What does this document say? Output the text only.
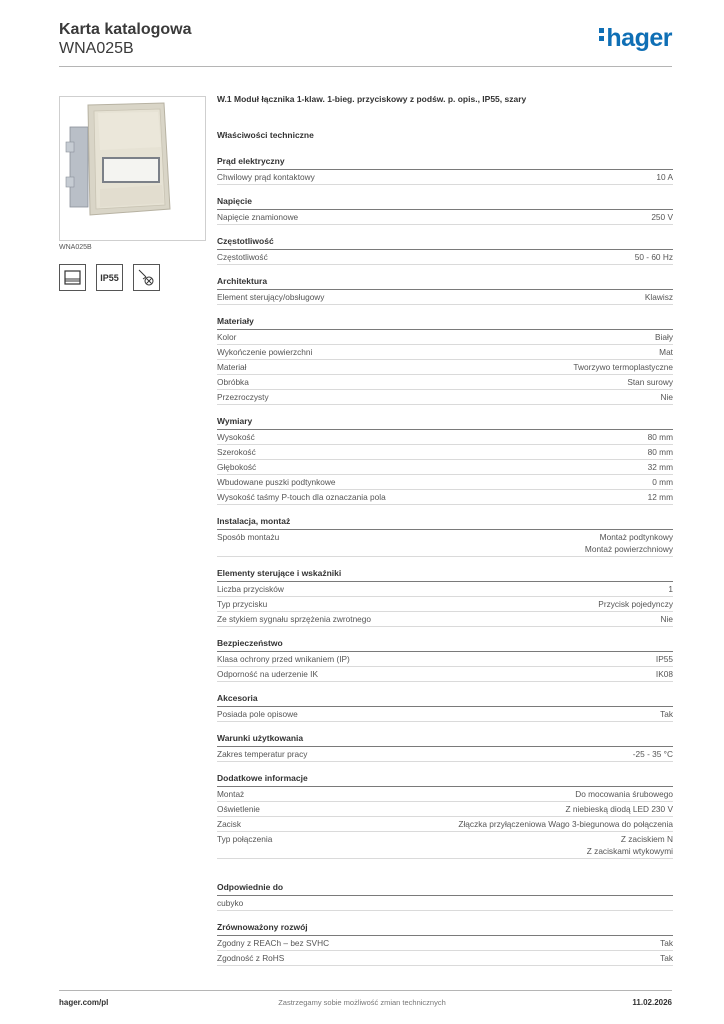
Karta katalogowa
WNA025B	hager
WNA025B
IP55
W.1 Moduł łącznika 1-klaw. 1-bieg. przyciskowy z podśw. p. opis., IP55, szary
Właściwości techniczne
Prąd elektryczny
Chwilowy prąd kontaktowy	10 A
Napięcie
Napięcie znamionowe	250 V
Częstotliwość
Częstotliwość	50 - 60 Hz
Architektura
Element sterujący/obsługowy	Klawisz
Materiały
Kolor	Biały
Wykończenie powierzchni	Mat
Materiał	Tworzywo termoplastyczne
Obróbka	Stan surowy
Przezroczysty	Nie
Wymiary
Wysokość	80 mm
Szerokość	80 mm
Głębokość	32 mm
Wbudowane puszki podtynkowe	0 mm
Wysokość taśmy P-touch dla oznaczania pola	12 mm
Instalacja, montaż
Sposób montażu	Montaż podtynkowy
Montaż powierzchniowy
Elementy sterujące i wskaźniki
Liczba przycisków	1
Typ przycisku	Przycisk pojedynczy
Ze stykiem sygnału sprzężenia zwrotnego	Nie
Bezpieczeństwo
Klasa ochrony przed wnikaniem (IP)	IP55
Odporność na uderzenie IK	IK08
Akcesoria
Posiada pole opisowe	Tak
Warunki użytkowania
Zakres temperatur pracy	-25 - 35 °C
Dodatkowe informacje
Montaż	Do mocowania śrubowego
Oświetlenie	Z niebieską diodą LED 230 V
Zacisk	Złączka przyłączeniowa Wago 3-biegunowa do połączenia
Typ połączenia	Z zaciskiem N
Z zaciskami wtykowymi
Odpowiednie do
cubyko
Zrównoważony rozwój
Zgodny z REACh – bez SVHC	Tak
Zgodność z RoHS	Tak
hager.com/pl	Zastrzegamy sobie możliwość zmian technicznych	11.02.2026
